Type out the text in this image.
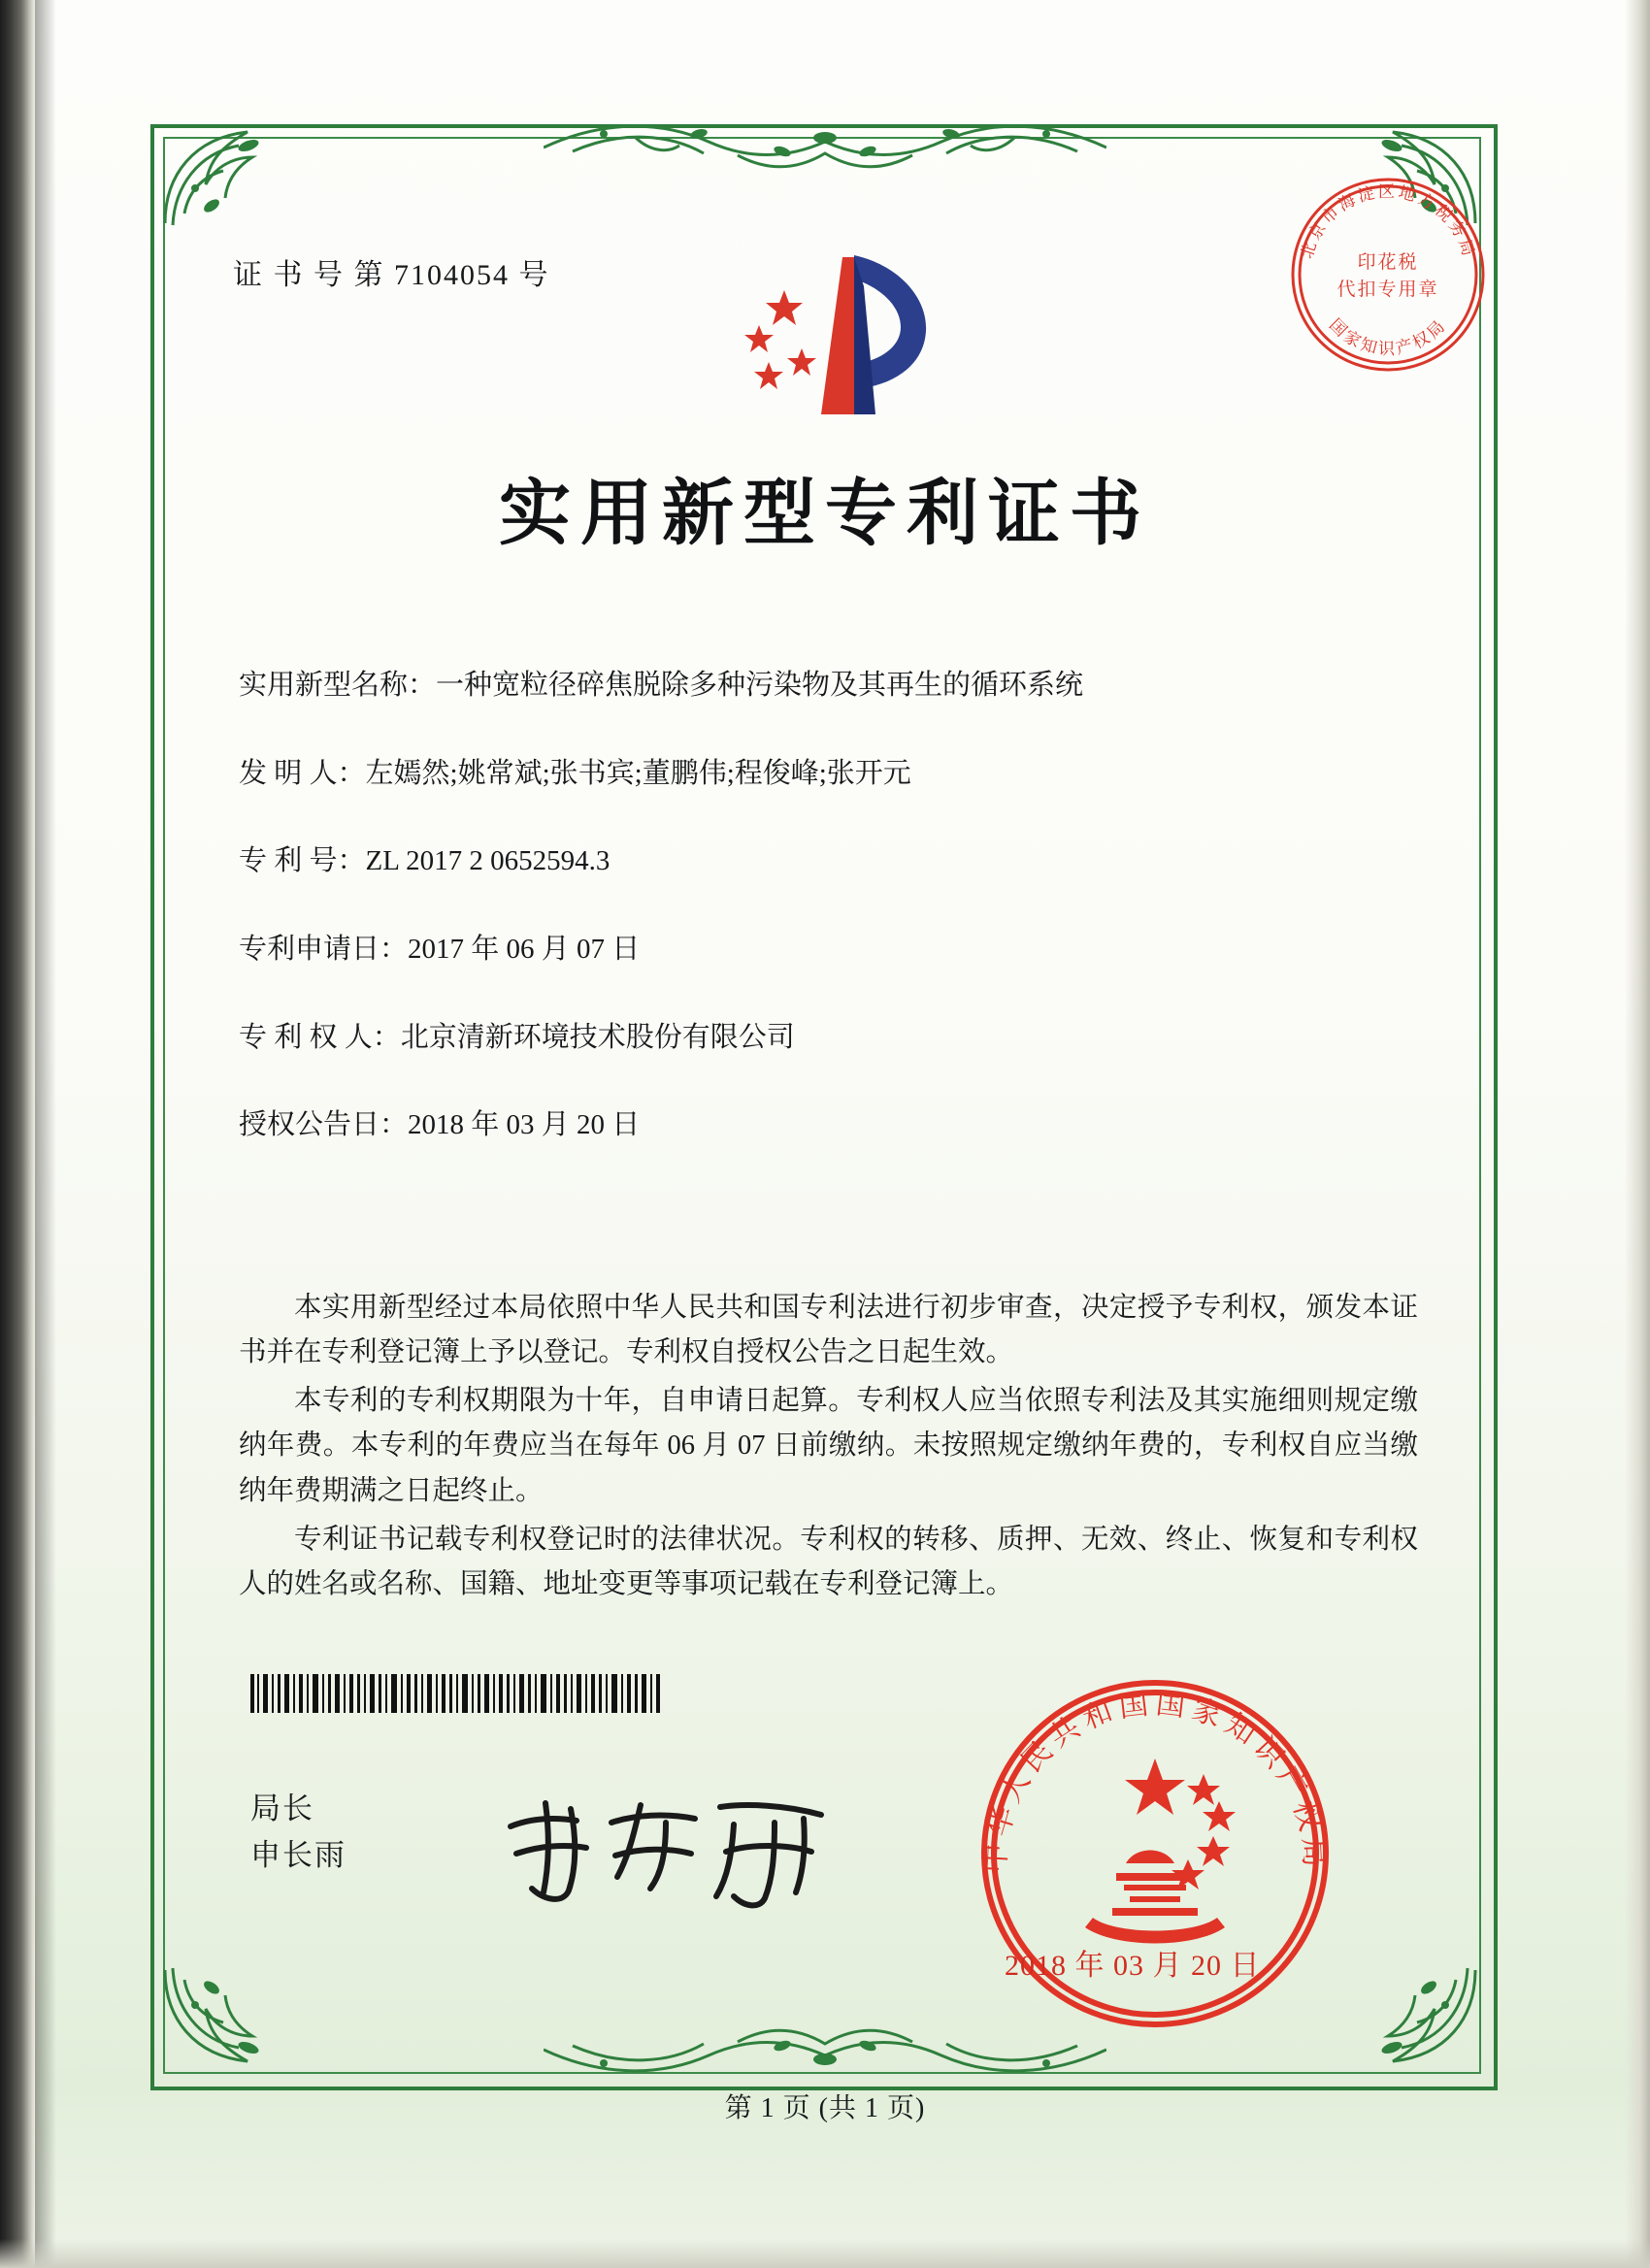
证 书 号 第 7104054 号
北京市海淀区地方税务局
国家知识产权局
印花税
代扣专用章
实用新型专利证书
实用新型名称：一种宽粒径碎焦脱除多种污染物及其再生的循环系统
发 明 人：左嫣然;姚常斌;张书宾;董鹏伟;程俊峰;张开元
专 利 号：ZL 2017 2 0652594.3
专利申请日：2017 年 06 月 07 日
专 利 权 人：北京清新环境技术股份有限公司
授权公告日：2018 年 03 月 20 日

本实用新型经过本局依照中华人民共和国专利法进行初步审查，决定授予专利权，颁发本证书并在专利登记簿上予以登记。专利权自授权公告之日起生效。

本专利的专利权期限为十年，自申请日起算。专利权人应当依照专利法及其实施细则规定缴纳年费。本专利的年费应当在每年 06 月 07 日前缴纳。未按照规定缴纳年费的，专利权自应当缴纳年费期满之日起终止。

专利证书记载专利权登记时的法律状况。专利权的转移、质押、无效、终止、恢复和专利权人的姓名或名称、国籍、地址变更等事项记载在专利登记簿上。

局长
申长雨	中华人民共和国国家知识产权局
2018 年 03 月 20 日
第 1 页 (共 1 页)
